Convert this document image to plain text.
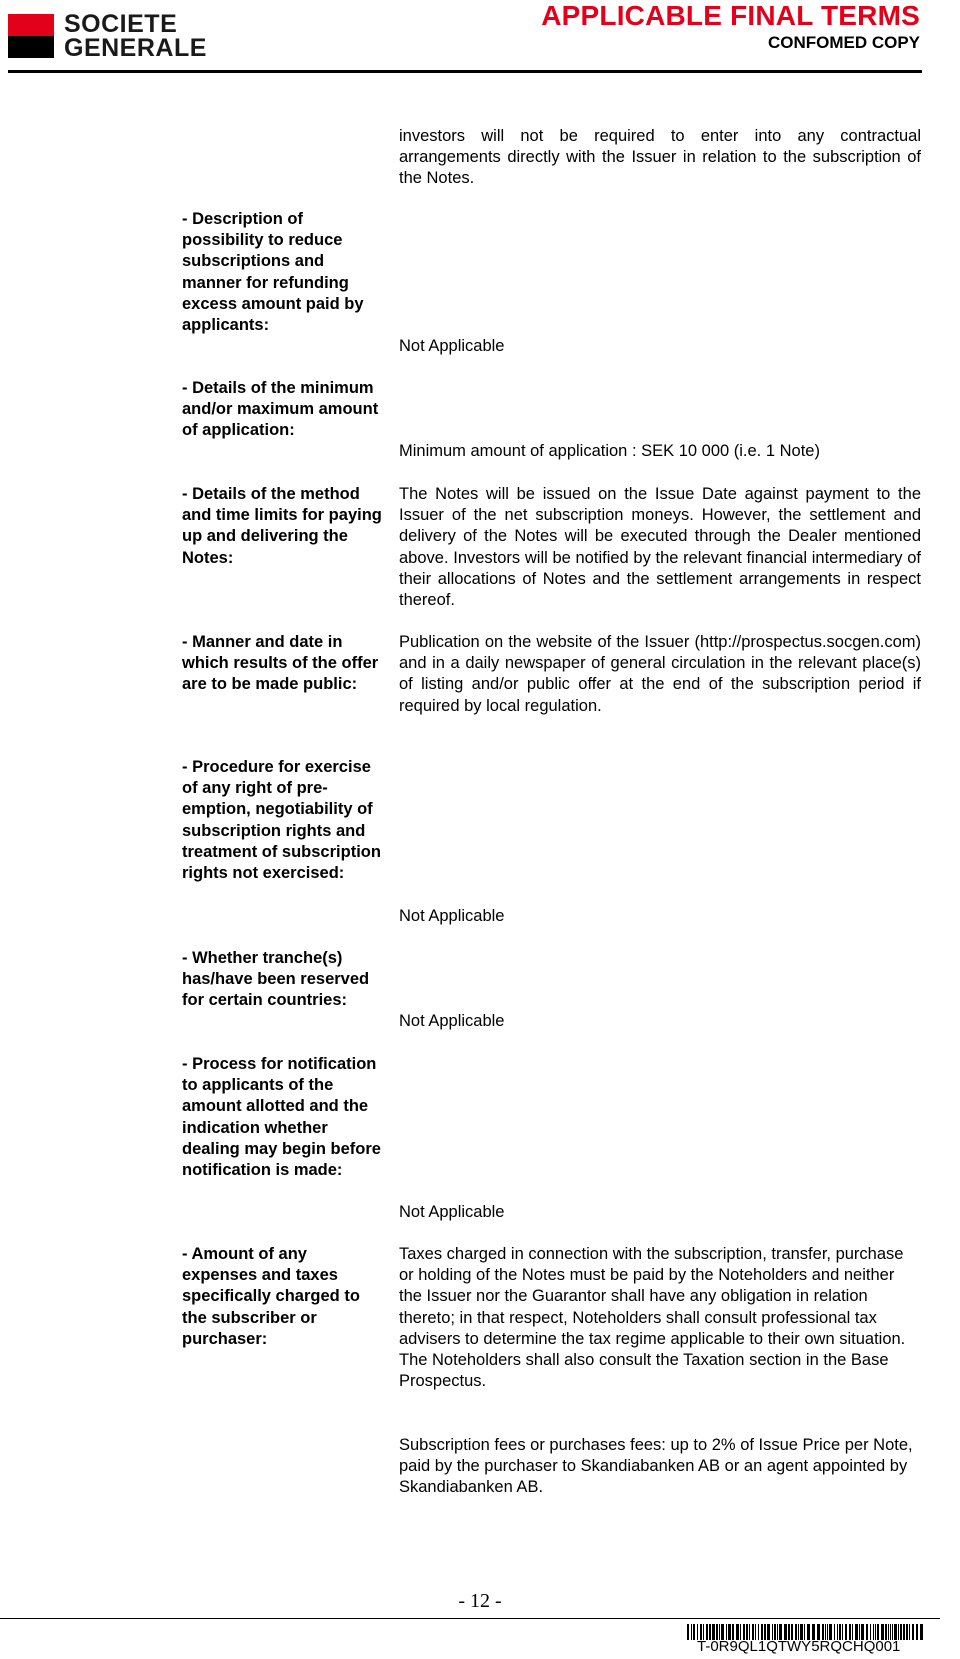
SOCIETE
GENERALE
APPLICABLE FINAL TERMS
CONFOMED COPY
investors will not be required to enter into any contractual arrangements directly with the Issuer in relation to the subscription of the Notes.
- Description of possibility to reduce subscriptions and manner for refunding excess amount paid by applicants:
Not Applicable
- Details of the minimum and/or maximum amount of application:
Minimum amount of application : SEK 10 000 (i.e. 1 Note)
- Details of the method and time limits for paying up and delivering the Notes:
The Notes will be issued on the Issue Date against payment to the Issuer of the net subscription moneys. However, the settlement and delivery of the Notes will be executed through the Dealer mentioned above. Investors will be notified by the relevant financial intermediary of their allocations of Notes and the settlement arrangements in respect thereof.
- Manner and date in which results of the offer are to be made public:
Publication on the website of the Issuer (http://prospectus.socgen.com) and in a daily newspaper of general circulation in the relevant place(s) of listing and/or public offer at the end of the subscription period if required by local regulation.
- Procedure for exercise of any right of pre-emption, negotiability of subscription rights and treatment of subscription rights not exercised:
Not Applicable
- Whether tranche(s) has/have been reserved for certain countries:
Not Applicable
- Process for notification to applicants of the amount allotted and the indication whether dealing may begin before notification is made:
Not Applicable
- Amount of any expenses and taxes specifically charged to the subscriber or purchaser:
Taxes charged in connection with the subscription, transfer, purchase or holding of the Notes must be paid by the Noteholders and neither the Issuer nor the Guarantor shall have any obligation in relation thereto; in that respect, Noteholders shall consult professional tax advisers to determine the tax regime applicable to their own situation. The Noteholders shall also consult the Taxation section in the Base Prospectus.
Subscription fees or purchases fees: up to 2% of Issue Price per Note, paid by the purchaser to Skandiabanken AB or an agent appointed by Skandiabanken AB.
- 12 -
T-0R9QL1QTWY5RQCHQ001
